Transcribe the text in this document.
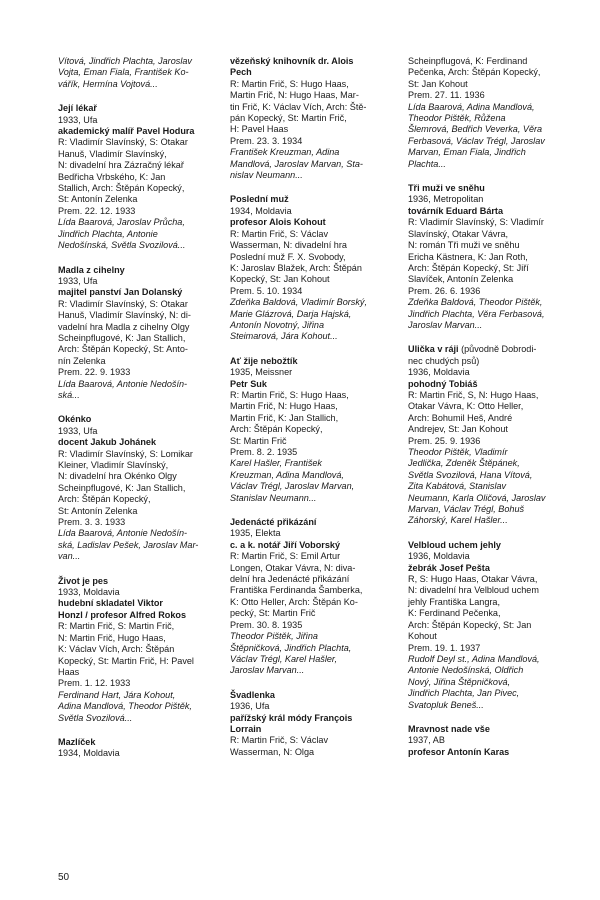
Vítová, Jindřich Plachta, Jaroslav
Vojta, Eman Fiala, František Ko-
vářík, Hermína Vojtová...

Její lékař

1933, Ufa

akademický malíř Pavel Hodura

R: Vladimír Slavínský, S: Otakar
Hanuš, Vladimír Slavínský,
N: divadelní hra Zázračný lékař
Bedřicha Vrbského, K: Jan
Stallich, Arch: Štěpán Kopecký,
St: Antonín Zelenka
Prem. 22. 12. 1933

Lída Baarová, Jaroslav Průcha,
Jindřich Plachta, Antonie
Nedošínská, Světla Svozilová...

Madla z cihelny

1933, Ufa

majitel panství Jan Dolanský

R: Vladimír Slavínský, S: Otakar
Hanuš, Vladimír Slavínský, N: di-
vadelní hra Madla z cihelny Olgy
Scheinpflugové, K: Jan Stallich,
Arch: Štěpán Kopecký, St: Anto-
nín Zelenka
Prem. 22. 9. 1933

Lída Baarová, Antonie Nedošín-
ská...

Okénko

1933, Ufa

docent Jakub Johánek

R: Vladimír Slavínský, S: Lomikar
Kleiner, Vladimír Slavínský,
N: divadelní hra Okénko Olgy
Scheinpflugové, K: Jan Stallich,
Arch: Štěpán Kopecký,
St: Antonín Zelenka
Prem. 3. 3. 1933

Lída Baarová, Antonie Nedošín-
ská, Ladislav Pešek, Jaroslav Mar-
van...

Život je pes

1933, Moldavia

hudební skladatel Viktor
Honzl / profesor Alfred Rokos

R: Martin Frič, S: Martin Frič,
N: Martin Frič, Hugo Haas,
K: Václav Vích, Arch: Štěpán
Kopecký, St: Martin Frič, H: Pavel
Haas
Prem. 1. 12. 1933

Ferdinand Hart, Jára Kohout,
Adina Mandlová, Theodor Pištěk,
Světla Svozilová...

Mazlíček

1934, Moldavia

vězeňský knihovník dr. Alois
Pech

R: Martin Frič, S: Hugo Haas,
Martin Frič, N: Hugo Haas, Mar-
tin Frič, K: Václav Vích, Arch: Ště-
pán Kopecký, St: Martin Frič,
H: Pavel Haas
Prem. 23. 3. 1934

František Kreuzman, Adina
Mandlová, Jaroslav Marvan, Sta-
nislav Neumann...

Poslední muž

1934, Moldavia

profesor Alois Kohout

R: Martin Frič, S: Václav
Wasserman, N: divadelní hra
Poslední muž F. X. Svobody,
K: Jaroslav Blažek, Arch: Štěpán
Kopecký, St: Jan Kohout
Prem. 5. 10. 1934

Zdeňka Baldová, Vladimír Borský,
Marie Glázrová, Darja Hajská,
Antonín Novotný, Jiřina
Steimarová, Jára Kohout...

Ať žije nebožtík

1935, Meissner

Petr Suk

R: Martin Frič, S: Hugo Haas,
Martin Frič, N: Hugo Haas,
Martin Frič, K: Jan Stallich,
Arch: Štěpán Kopecký,
St: Martin Frič
Prem. 8. 2. 1935

Karel Hašler, František
Kreuzman, Adina Mandlová,
Václav Trégl, Jaroslav Marvan,
Stanislav Neumann...

Jedenácté přikázání

1935, Elekta

c. a k. notář Jiří Voborský

R: Martin Frič, S: Emil Artur
Longen, Otakar Vávra, N: diva-
delní hra Jedenácté přikázání
Františka Ferdinanda Šamberka,
K: Otto Heller, Arch: Štěpán Ko-
pecký, St: Martin Frič
Prem. 30. 8. 1935

Theodor Pištěk, Jiřina
Štěpničková, Jindřich Plachta,
Václav Trégl, Karel Hašler,
Jaroslav Marvan...

Švadlenka

1936, Ufa

pařížský král módy François
Lorrain

R: Martin Frič, S: Václav
Wasserman, N: Olga

Scheinpflugová, K: Ferdinand
Pečenka, Arch: Štěpán Kopecký,
St: Jan Kohout
Prem. 27. 11. 1936

Lída Baarová, Adina Mandlová,
Theodor Pištěk, Růžena
Šlemrová, Bedřich Veverka, Věra
Ferbasová, Václav Trégl, Jaroslav
Marvan, Eman Fiala, Jindřich
Plachta...

Tři muži ve sněhu

1936, Metropolitan

továrník Eduard Bárta

R: Vladimír Slavínský, S: Vladimír
Slavínský, Otakar Vávra,
N: román Tři muži ve sněhu
Ericha Kästnera, K: Jan Roth,
Arch: Štěpán Kopecký, St: Jiří
Slavíček, Antonín Zelenka
Prem. 26. 6. 1936

Zdeňka Baldová, Theodor Pištěk,
Jindřich Plachta, Věra Ferbasová,
Jaroslav Marvan...

Ulička v ráji (původně Dobrodi-
nec chudých psů)

1936, Moldavia

pohodný Tobiáš

R: Martin Frič, S, N: Hugo Haas,
Otakar Vávra, K: Otto Heller,
Arch: Bohumil Heš, André
Andrejev, St: Jan Kohout
Prem. 25. 9. 1936

Theodor Pištěk, Vladimír
Jedlička, Zdeněk Štěpánek,
Světla Svozilová, Hana Vítová,
Zita Kabátová, Stanislav
Neumann, Karla Oličová, Jaroslav
Marvan, Václav Trégl, Bohuš
Záhorský, Karel Hašler...

Velbloud uchem jehly

1936, Moldavia

žebrák Josef Pešta

R, S: Hugo Haas, Otakar Vávra,
N: divadelní hra Velbloud uchem
jehly Františka Langra,
K: Ferdinand Pečenka,
Arch: Štěpán Kopecký, St: Jan
Kohout
Prem. 19. 1. 1937

Rudolf Deyl st., Adina Mandlová,
Antonie Nedošínská, Oldřich
Nový, Jiřina Štěpničková,
Jindřich Plachta, Jan Pivec,
Svatopluk Beneš...

Mravnost nade vše

1937, AB

profesor Antonín Karas

50
